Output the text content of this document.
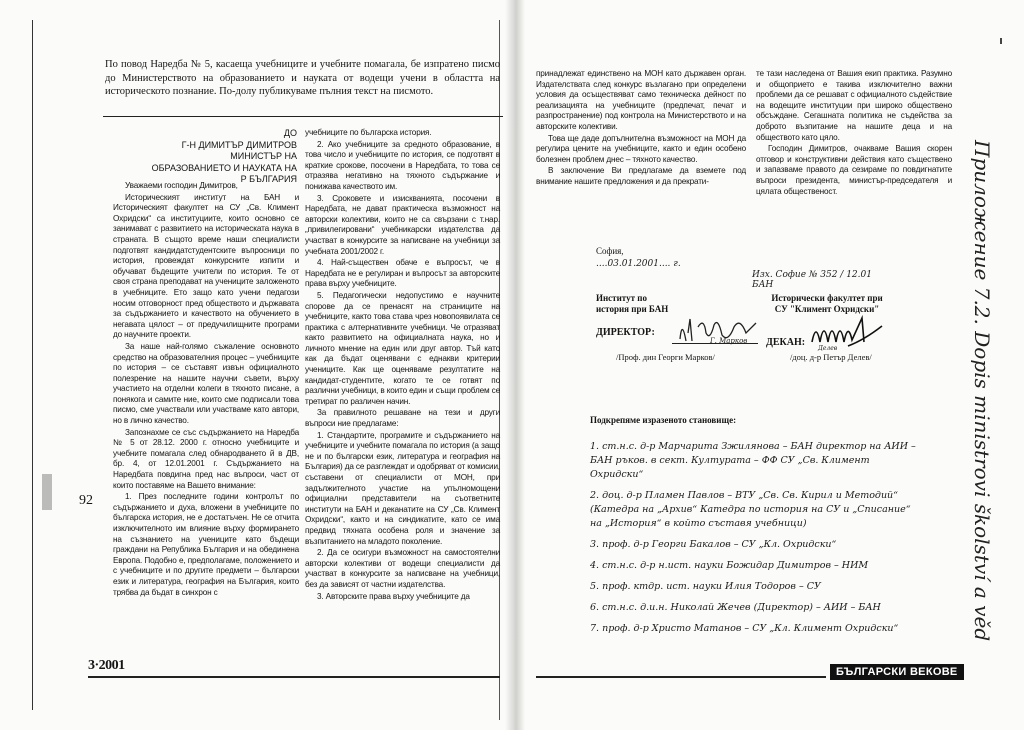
По повод Наредба № 5, касаеща учебниците и учебните помагала, бе изпратено писмо до Министерството на образованието и науката от водещи учени в областта на историческото познание. По-долу публикуваме пълния текст на писмото.
ДО
Г-Н ДИМИТЪР ДИМИТРОВ
МИНИСТЪР НА
ОБРАЗОВАНИЕТО И НАУКАТА НА
Р БЪЛГАРИЯ

Уважаеми господин Димитров,

Историческият институт на БАН и Историческият факултет на СУ „Св. Климент Охридски“ са институциите, които основно се занимават с развитието на историческата наука в страната. В същото време наши специалисти подготвят кандидатстудентските въпросници по история, провеждат конкурсните изпити и обучават бъдещите учители по история. Те от своя страна преподават на учениците заложеното в учебниците. Ето защо като учени педагози носим отговорност пред обществото и държавата за съдържанието и качеството на обучението в негавата цялост – от предучилищните програми до научните проекти.

За наше най-голямо съжаление основното средство на образователния процес – учебниците по история – се съставят извън официалното полезрение на нашите научни съвети, върху участието на отделни колеги в тяхното писане, а понякога и самите ние, които сме подписали това писмо, сме участвали или участваме като автори, но в лично качество.

Запознахме се със съдържанието на Наредба № 5 от 28.12. 2000 г. относно учебниците и учебните помагала след обнародването й в ДВ, бр. 4, от 12.01.2001 г. Съдържанието на Наредбата повдигна пред нас въпроси, част от които поставяме на Вашето внимание:

1. През последните години контролът по съдържанието и духа, вложени в учебниците по българска история, не е достатъчен. Не се отчита изключителното им влияние върху формирането на съзнанието на учениците като бъдещи граждани на Република България и на обединена Европа. Подобно е, предполагаме, положението и с учебниците и по другите предмети – български език и литература, география на България, които трябва да бъдат в синхрон с

учебниците по българска история.

2. Ако учебниците за средното образование, в това число и учебниците по история, се подготвят в краткие срокове, посочени в Наредбата, то това се отразява негативно на тяхното съдържание и понижава качеството им.

3. Сроковете и изискванията, посочени в Наредбата, не дават практическа възможност на авторски колективи, които не са свързани с т.нар. „привилегировани“ учебникарски издателства да участват в конкурсите за написване на учебници за учебната 2001/2002 г.

4. Най-съществен обаче е въпросът, че в Наредбата не е регулиран и въпросът за авторските права върху учебниците.

5. Педагогически недопустимо е научните спорове да се пренасят на страниците на учебниците, както това става чрез новопоявилата се практика с алтернативните учебници. Че отразяват както развитието на официалната наука, но и личното мнение на един или друг автор. Тъй като как да бъдат оценявани с еднакви критерии учениците. Как ще оценяваме резултатите на кандидат-студентите, когато те се готвят по различни учебници, в които един и същи проблем се третират по различен начин.

За правилното решаване на тези и други въпроси ние предлагаме:

1. Стандартите, програмите и съдържанието на учебниците и учебните помагала по история (а защо не и по български език, литература и география на България) да се разглеждат и одобряват от комисии, съставени от специалисти от МОН, при задължителното участие на упълномощени официални представители на съответните институти на БАН и деканатите на СУ „Св. Климент Охридски“, както и на синдикатите, като се има предвид тяхната особена роля и значение за възпитанието на младото поколение.

2. Да се осигури възможност на самостоятелни авторски колективи от водещи специалисти да участват в конкурсите за написване на учебници, без да зависят от частни издателства.

3. Авторските права върху учебниците да

92
3·2001

принадлежат единствено на МОН като държавен орган. Издателствата след конкурс възлагано при определени условия да осъществяват само техническа дейност по реализацията на учебниците (предпечат, печат и разпространение) под контрола на Министерството и на авторските колективи.

Това ще даде допълнителна възможност на МОН да регулира цените на учебниците, както и един особено болезнен проблем днес – тяхното качество.

В заключение Ви предлагаме да вземете под внимание нашите предложения и да прекрати-

те тази наследена от Вашия екип практика. Разумно и общоприето е такива изключително важни проблеми да се решават с официалното съдействие на водещите институции при широко обществено обсъждане. Сегашната политика не съдейства за доброто възпитание на нашите деца и на обществото като цяло.

Господин Димитров, очакваме Вашия скорен отговор и конструктивни действия като съществено и запазваме правото да сезираме по повдигнатите въпроси президента, министър-председателя и цялата общественост.

София,
....03.01.2001.... г.
Изх. Софие № 352 / 12.01 БАН
Институт по
история при БАН
Исторически факултет при
СУ "Климент Охридски"
ДИРЕКТОР:
Г. Марков
/Проф. дин Георги Марков/
ДЕКАН:
Делев
/доц. д-р Петър Делев/
Подкрепяме изразеното становище:
1. ст.н.с. д-р Марчарита Зжилянова – БАН директор на АИИ – БАН ръков. в сект. Културата – ФФ СУ „Св. Климент Охридски“
2. доц. д-р Пламен Павлов – ВТУ „Св. Св. Кирил и Методий“ (Катедра на „Архив“ Катедра по история на СУ и „Списание“ на „История“ в който съставя учебници)
3. проф. д-р Георги Бакалов – СУ „Кл. Охридски“
4. ст.н.с. д-р н.ист. науки Божидар Димитров – НИМ
5. проф. ктдр. ист. науки Илия Тодоров – СУ
6. ст.н.с. д.и.н. Николай Жечев (Директор) – АИИ – БАН
7. проф. д-р Христо Матанов – СУ „Кл. Климент Охридски“	Приложение 7.2. Dopis ministrovi školství a věd
БЪЛГАРСКИ ВЕКОВЕ
